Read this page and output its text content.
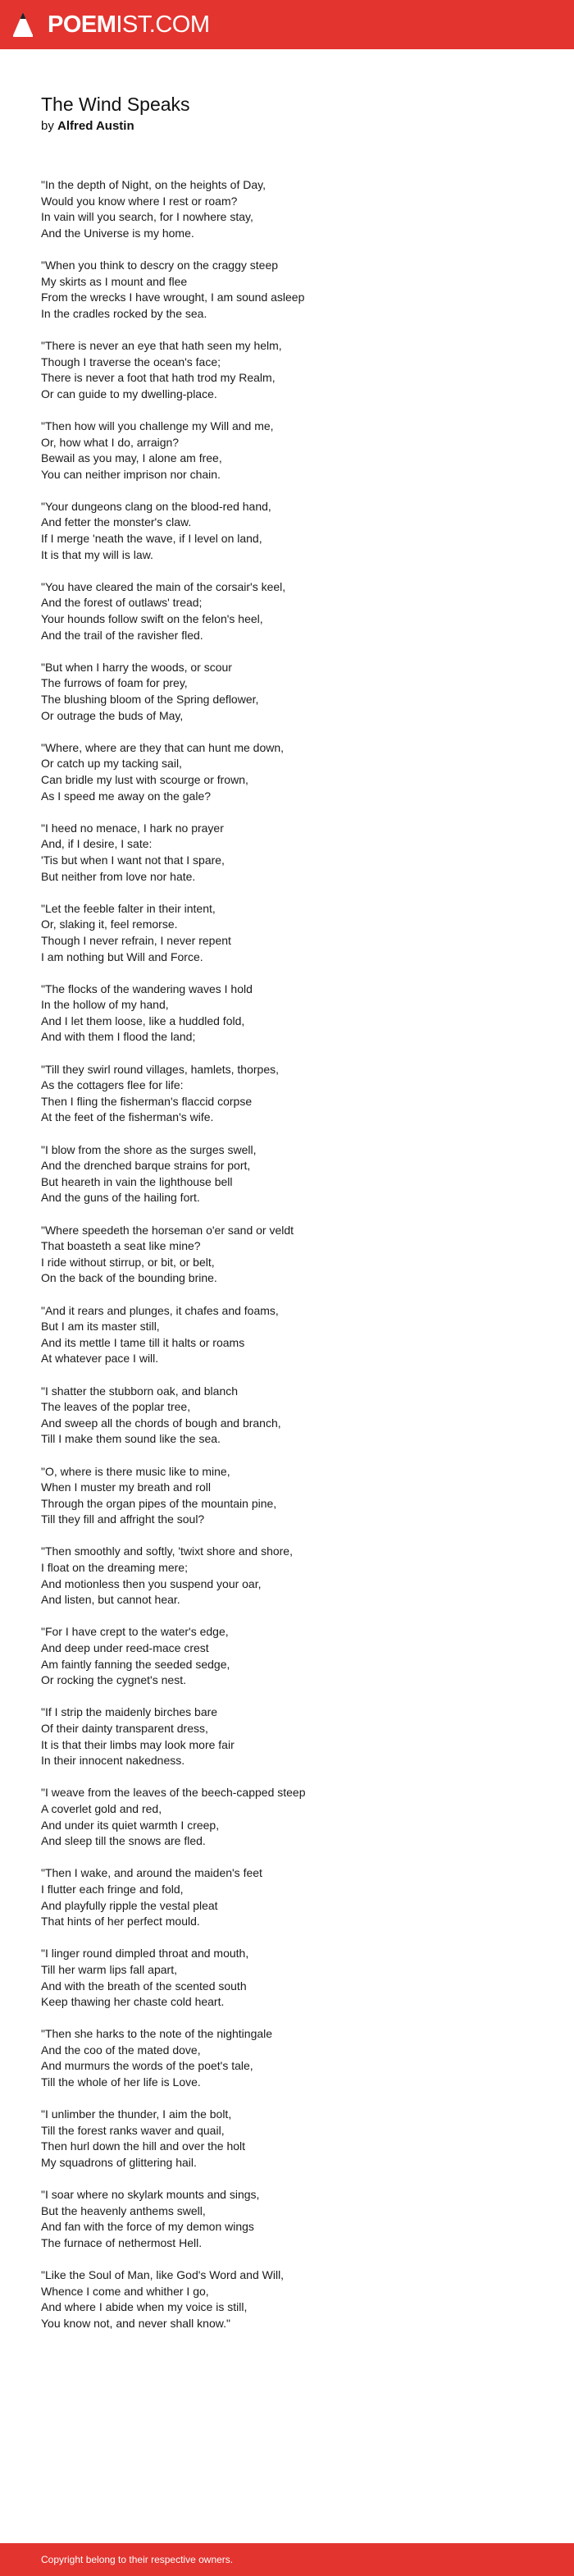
POEMIST.COM
The Wind Speaks
by Alfred Austin
"In the depth of Night, on the heights of Day,
Would you know where I rest or roam?
In vain will you search, for I nowhere stay,
And the Universe is my home.
"When you think to descry on the craggy steep
My skirts as I mount and flee
From the wrecks I have wrought, I am sound asleep
In the cradles rocked by the sea.
"There is never an eye that hath seen my helm,
Though I traverse the ocean's face;
There is never a foot that hath trod my Realm,
Or can guide to my dwelling-place.
"Then how will you challenge my Will and me,
Or, how what I do, arraign?
Bewail as you may, I alone am free,
You can neither imprison nor chain.
"Your dungeons clang on the blood-red hand,
And fetter the monster's claw.
If I merge 'neath the wave, if I level on land,
It is that my will is law.
"You have cleared the main of the corsair's keel,
And the forest of outlaws' tread;
Your hounds follow swift on the felon's heel,
And the trail of the ravisher fled.
"But when I harry the woods, or scour
The furrows of foam for prey,
The blushing bloom of the Spring deflower,
Or outrage the buds of May,
"Where, where are they that can hunt me down,
Or catch up my tacking sail,
Can bridle my lust with scourge or frown,
As I speed me away on the gale?
"I heed no menace, I hark no prayer
And, if I desire, I sate:
'Tis but when I want not that I spare,
But neither from love nor hate.
"Let the feeble falter in their intent,
Or, slaking it, feel remorse.
Though I never refrain, I never repent
I am nothing but Will and Force.
"The flocks of the wandering waves I hold
In the hollow of my hand,
And I let them loose, like a huddled fold,
And with them I flood the land;
"Till they swirl round villages, hamlets, thorpes,
As the cottagers flee for life:
Then I fling the fisherman's flaccid corpse
At the feet of the fisherman's wife.
"I blow from the shore as the surges swell,
And the drenched barque strains for port,
But heareth in vain the lighthouse bell
And the guns of the hailing fort.
"Where speedeth the horseman o'er sand or veldt
That boasteth a seat like mine?
I ride without stirrup, or bit, or belt,
On the back of the bounding brine.
"And it rears and plunges, it chafes and foams,
But I am its master still,
And its mettle I tame till it halts or roams
At whatever pace I will.
"I shatter the stubborn oak, and blanch
The leaves of the poplar tree,
And sweep all the chords of bough and branch,
Till I make them sound like the sea.
"O, where is there music like to mine,
When I muster my breath and roll
Through the organ pipes of the mountain pine,
Till they fill and affright the soul?
"Then smoothly and softly, 'twixt shore and shore,
I float on the dreaming mere;
And motionless then you suspend your oar,
And listen, but cannot hear.
"For I have crept to the water's edge,
And deep under reed-mace crest
Am faintly fanning the seeded sedge,
Or rocking the cygnet's nest.
"If I strip the maidenly birches bare
Of their dainty transparent dress,
It is that their limbs may look more fair
In their innocent nakedness.
"I weave from the leaves of the beech-capped steep
A coverlet gold and red,
And under its quiet warmth I creep,
And sleep till the snows are fled.
"Then I wake, and around the maiden's feet
I flutter each fringe and fold,
And playfully ripple the vestal pleat
That hints of her perfect mould.
"I linger round dimpled throat and mouth,
Till her warm lips fall apart,
And with the breath of the scented south
Keep thawing her chaste cold heart.
"Then she harks to the note of the nightingale
And the coo of the mated dove,
And murmurs the words of the poet's tale,
Till the whole of her life is Love.
"I unlimber the thunder, I aim the bolt,
Till the forest ranks waver and quail,
Then hurl down the hill and over the holt
My squadrons of glittering hail.
"I soar where no skylark mounts and sings,
But the heavenly anthems swell,
And fan with the force of my demon wings
The furnace of nethermost Hell.
"Like the Soul of Man, like God's Word and Will,
Whence I come and whither I go,
And where I abide when my voice is still,
You know not, and never shall know."
Copyright belong to their respective owners.
